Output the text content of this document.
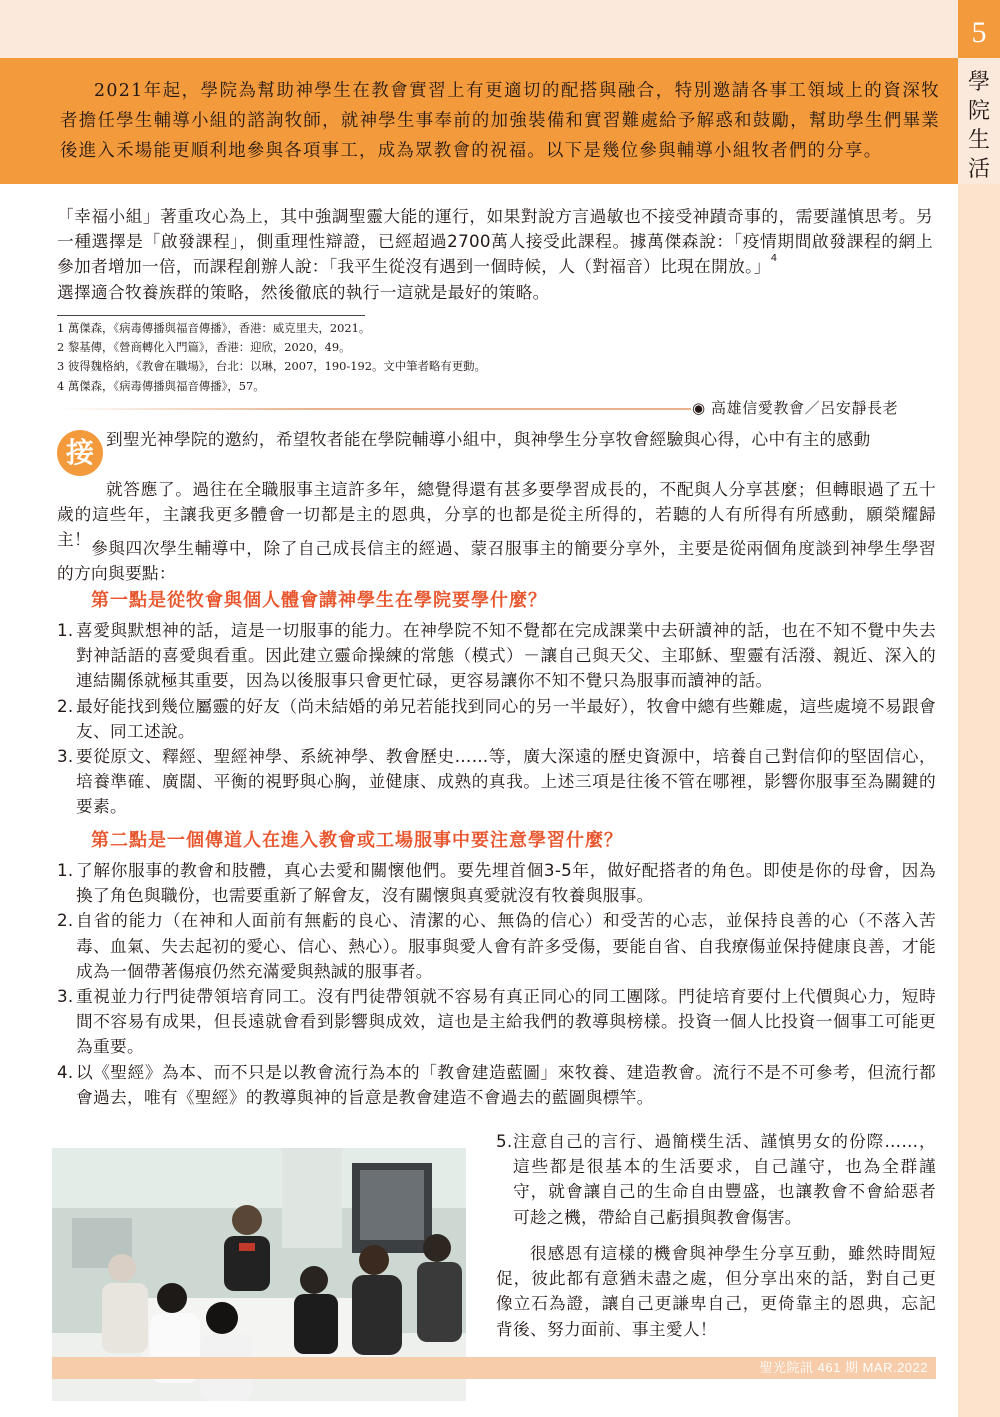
2021年起，學院為幫助神學生在教會實習上有更適切的配搭與融合，特別邀請各事工領域上的資深牧者擔任學生輔導小組的諮詢牧師，就神學生事奉前的加強裝備和實習難處給予解惑和鼓勵，幫助學生們畢業後進入禾場能更順利地參與各項事工，成為眾教會的祝福。以下是幾位參與輔導小組牧者們的分享。
5
學
院
生
活
「幸福小組」著重攻心為上，其中強調聖靈大能的運行，如果對說方言過敏也不接受神蹟奇事的，需要謹慎思考。另一種選擇是「啟發課程」，側重理性辯證，已經超過2700萬人接受此課程。據萬傑森說：「疫情期間啟發課程的網上參加者增加一倍，而課程創辦人說：「我平生從沒有遇到一個時候，人（對福音）比現在開放。」$^4$
選擇適合牧養族群的策略，然後徹底的執行一這就是最好的策略。
1 萬傑森，《病毒傳播與福音傳播》，香港：威克里夫，2021。
2 黎基傳，《營商轉化入門篇》，香港：迎欣，2020，49。
3 彼得魏格納，《教會在職場》，台北：以琳，2007，190-192。文中筆者略有更動。
4 萬傑森，《病毒傳播與福音傳播》，57。
◉ 高雄信愛教會／呂安靜長老
接 到聖光神學院的邀約，希望牧者能在學院輔導小組中，與神學生分享牧會經驗與心得，心中有主的感動
就答應了。過往在全職服事主這許多年，總覺得還有甚多要學習成長的，不配與人分享甚麼；但轉眼過了五十歲的這些年，主讓我更多體會一切都是主的恩典，分享的也都是從主所得的，若聽的人有所得有所感動，願榮耀歸主！ 參與四次學生輔導中，除了自己成長信主的經過、蒙召服事主的簡要分享外，主要是從兩個角度談到神學生學習的方向與要點：
第一點是從牧會與個人體會講神學生在學院要學什麼？
1. 喜愛與默想神的話，這是一切服事的能力。在神學院不知不覺都在完成課業中去研讀神的話，也在不知不覺中失去對神話語的喜愛與看重。因此建立靈命操練的常態（模式）－讓自己與天父、主耶穌、聖靈有活潑、親近、深入的連結關係就極其重要，因為以後服事只會更忙碌，更容易讓你不知不覺只為服事而讀神的話。
2. 最好能找到幾位屬靈的好友（尚未結婚的弟兄若能找到同心的另一半最好），牧會中總有些難處，這些處境不易跟會友、同工述說。
3. 要從原文、釋經、聖經神學、系統神學、教會歷史……等，廣大深遠的歷史資源中，培養自己對信仰的堅固信心，培養準確、廣闊、平衡的視野與心胸，並健康、成熟的真我。上述三項是往後不管在哪裡，影響你服事至為關鍵的要素。
第二點是一個傳道人在進入教會或工場服事中要注意學習什麼？
1. 了解你服事的教會和肢體，真心去愛和關懷他們。要先埋首個3-5年，做好配搭者的角色。即使是你的母會，因為換了角色與職份，也需要重新了解會友，沒有關懷與真愛就沒有牧養與服事。
2. 自省的能力（在神和人面前有無虧的良心、清潔的心、無偽的信心）和受苦的心志，並保持良善的心（不落入苦毒、血氣、失去起初的愛心、信心、熱心）。服事與愛人會有許多受傷，要能自省、自我療傷並保持健康良善，才能成為一個帶著傷痕仍然充滿愛與熱誠的服事者。
3. 重視並力行門徒帶領培育同工。沒有門徒帶領就不容易有真正同心的同工團隊。門徒培育要付上代價與心力，短時間不容易有成果，但長遠就會看到影響與成效，這也是主給我們的教導與榜樣。投資一個人比投資一個事工可能更為重要。
4. 以《聖經》為本、而不只是以教會流行為本的「教會建造藍圖」來牧養、建造教會。流行不是不可參考，但流行都會過去，唯有《聖經》的教導與神的旨意是教會建造不會過去的藍圖與標竿。
5. 注意自己的言行、過簡樸生活、謹慎男女的份際……，這些都是很基本的生活要求，自己謹守，也為全群謹守，就會讓自己的生命自由豐盛，也讓教會不會給惡者可趁之機，帶給自己虧損與教會傷害。
很感恩有這樣的機會與神學生分享互動，雖然時間短促，彼此都有意猶未盡之處，但分享出來的話，對自己更像立石為證，讓自己更謙卑自己，更倚靠主的恩典，忘記背後、努力面前、事主愛人！
聖光院訊 461 期 MAR.2022
